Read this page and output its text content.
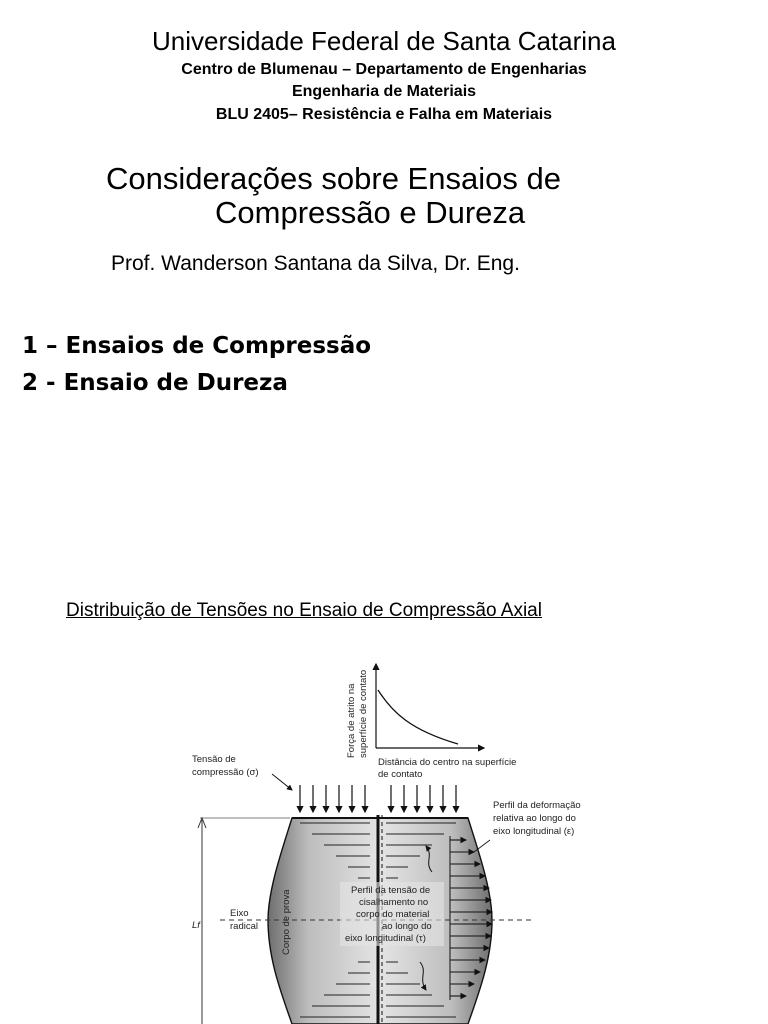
Universidade Federal de Santa Catarina
Centro de Blumenau – Departamento de Engenharias
Engenharia de Materiais
BLU 2405– Resistência e Falha em Materiais
Considerações sobre Ensaios de
Compressão e Dureza
Prof. Wanderson Santana da Silva, Dr. Eng.
1 – Ensaios de Compressão
2 - Ensaio de Dureza
Distribuição de Tensões no Ensaio de Compressão Axial
Força de atrito na superfície de contato
Distância do centro na superfície
de contato
Tensão de
compressão (σ)
Lf
Eixo
radical Corpo de prova
Perfil da deformação
relativa ao longo do
eixo longitudinal (ε)
Perfil da tensão de
cisalhamento no
corpo do material
ao longo do
eixo longitudinal (τ)
